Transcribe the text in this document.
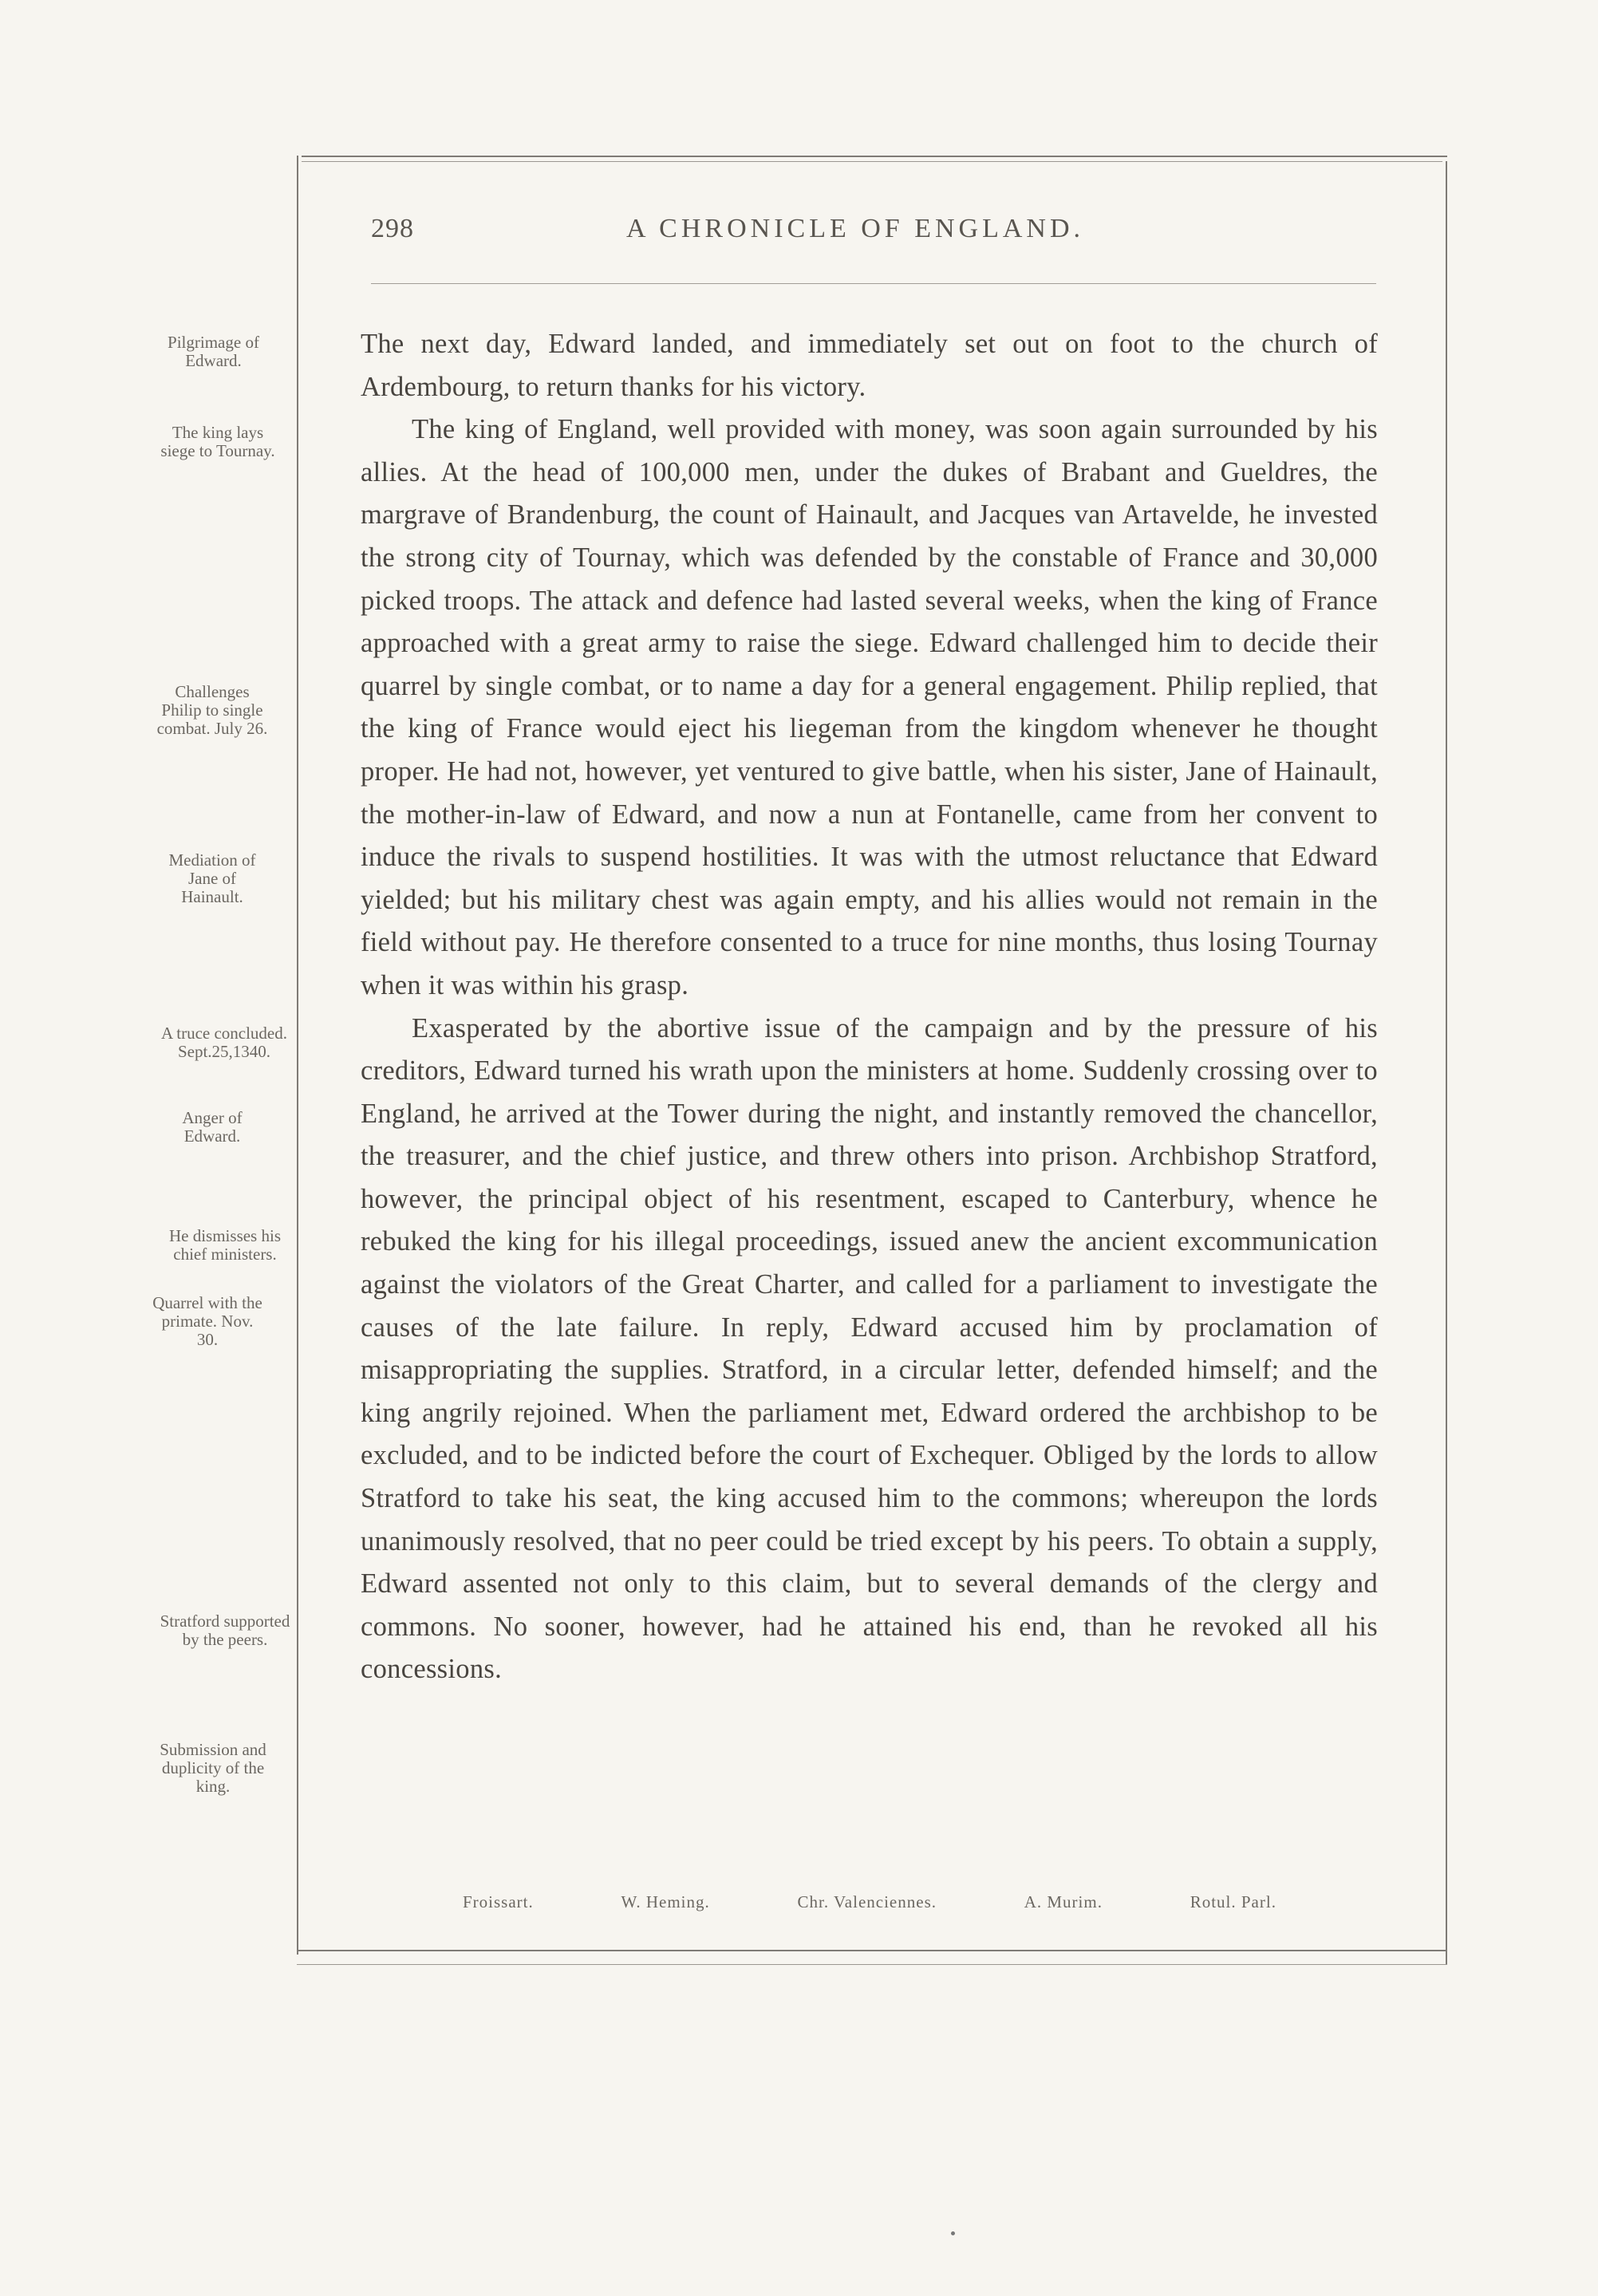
298	A CHRONICLE OF ENGLAND.
Pilgrimage of Edward.
The king lays siege to Tournay.
Challenges Philip to single combat. July 26.
Mediation of Jane of Hainault.
A truce concluded. Sept.25,1340.
Anger of Edward.
He dismisses his chief ministers.
Quarrel with the primate. Nov. 30.
Stratford supported by the peers.
Submission and duplicity of the king.

The next day, Edward landed, and immediately set out on foot to the church of Ardembourg, to return thanks for his victory.

The king of England, well provided with money, was soon again surrounded by his allies. At the head of 100,000 men, under the dukes of Brabant and Gueldres, the margrave of Brandenburg, the count of Hainault, and Jacques van Artavelde, he invested the strong city of Tournay, which was defended by the constable of France and 30,000 picked troops. The attack and defence had lasted several weeks, when the king of France approached with a great army to raise the siege. Edward challenged him to decide their quarrel by single combat, or to name a day for a general engagement. Philip replied, that the king of France would eject his liegeman from the kingdom whenever he thought proper. He had not, however, yet ventured to give battle, when his sister, Jane of Hainault, the mother-in-law of Edward, and now a nun at Fontanelle, came from her convent to induce the rivals to suspend hostilities. It was with the utmost reluctance that Edward yielded; but his military chest was again empty, and his allies would not remain in the field without pay. He therefore consented to a truce for nine months, thus losing Tournay when it was within his grasp.

Exasperated by the abortive issue of the campaign and by the pressure of his creditors, Edward turned his wrath upon the ministers at home. Suddenly crossing over to England, he arrived at the Tower during the night, and instantly removed the chancellor, the treasurer, and the chief justice, and threw others into prison. Archbishop Stratford, however, the principal object of his resentment, escaped to Canterbury, whence he rebuked the king for his illegal proceedings, issued anew the ancient excommunication against the violators of the Great Charter, and called for a parliament to investigate the causes of the late failure. In reply, Edward accused him by proclamation of misappropriating the supplies. Stratford, in a circular letter, defended himself; and the king angrily rejoined. When the parliament met, Edward ordered the archbishop to be excluded, and to be indicted before the court of Exchequer. Obliged by the lords to allow Stratford to take his seat, the king accused him to the commons; whereupon the lords unanimously resolved, that no peer could be tried except by his peers. To obtain a supply, Edward assented not only to this claim, but to several demands of the clergy and commons. No sooner, however, had he attained his end, than he revoked all his concessions.

Froissart.	W. Heming.	Chr. Valenciennes.	A. Murim.	Rotul. Parl.
